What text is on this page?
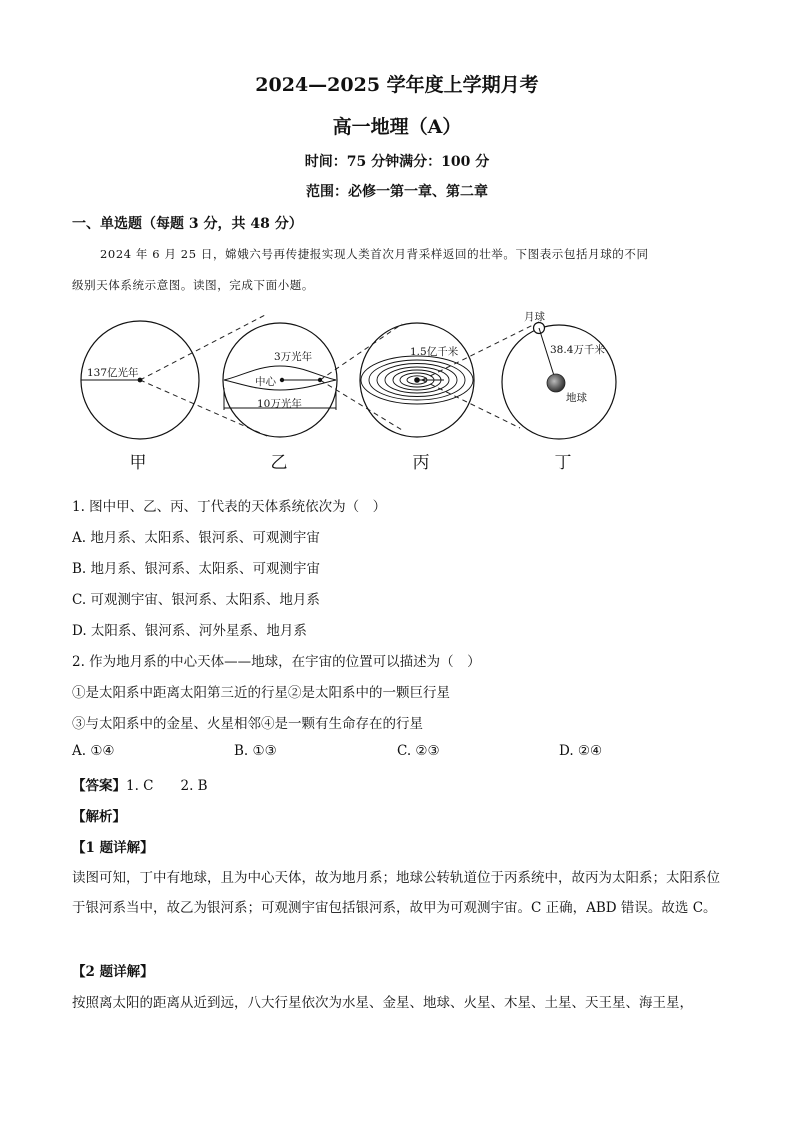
2024—2025 学年度上学期月考
高一地理（A）
时间：75 分钟满分：100 分
范围：必修一第一章、第二章
一、单选题（每题 3 分，共 48 分）
2024 年 6 月 25 日，嫦娥六号再传捷报实现人类首次月背采样返回的壮举。下图表示包括月球的不同
级别天体系统示意图。读图，完成下面小题。
137亿光年
3万光年
中心
10万光年
1.5亿千米
月球
38.4万千米
地球
甲	乙	丙	丁
1. 图中甲、乙、丙、丁代表的天体系统依次为（　）
A. 地月系、太阳系、银河系、可观测宇宙
B. 地月系、银河系、太阳系、可观测宇宙
C. 可观测宇宙、银河系、太阳系、地月系
D. 太阳系、银河系、河外星系、地月系
2. 作为地月系的中心天体——地球，在宇宙的位置可以描述为（　）
①是太阳系中距离太阳第三近的行星②是太阳系中的一颗巨行星
③与太阳系中的金星、火星相邻④是一颗有生命存在的行星
A. ①④	B. ①③	C. ②③	D. ②④
【答案】1. C　　2. B
【解析】
【1 题详解】
读图可知，丁中有地球，且为中心天体，故为地月系；地球公转轨道位于丙系统中，故丙为太阳系；太阳系位于银河系当中，故乙为银河系；可观测宇宙包括银河系，故甲为可观测宇宙。C 正确，ABD 错误。故选 C。
【2 题详解】
按照离太阳的距离从近到远，八大行星依次为水星、金星、地球、火星、木星、土星、天王星、海王星，
